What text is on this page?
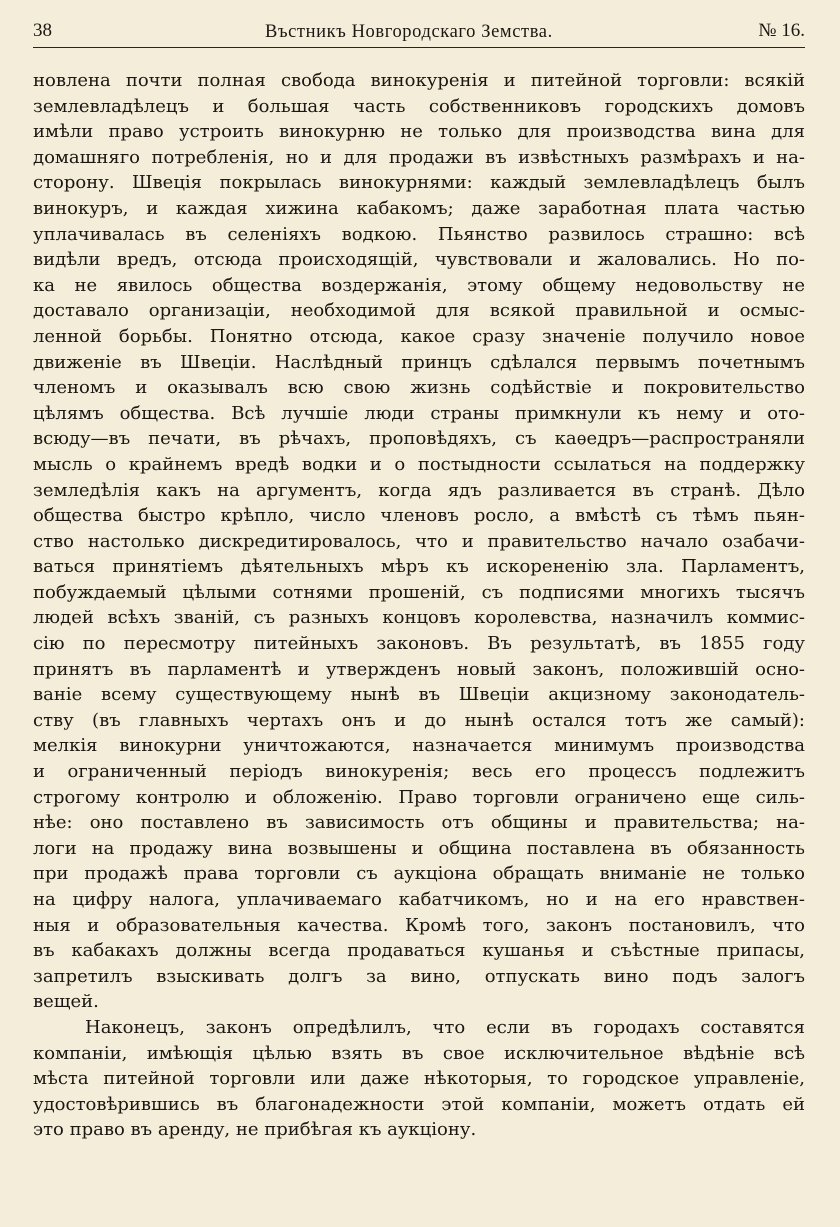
38	Въстникъ Новгородскаго Земства.	№ 16.
новлена почти полная свобода винокуренія и питейной торговли: всякій
землевладѣлецъ и большая часть собственниковъ городскихъ домовъ
имѣли право устроить винокурню не только для производства вина для
домашняго потребленія, но и для продажи въ извѣстныхъ размѣрахъ и на-
сторону. Швеція покрылась винокурнями: каждый землевладѣлецъ былъ
винокуръ, и каждая хижина кабакомъ; даже заработная плата частью
уплачивалась въ селеніяхъ водкою. Пьянство развилось страшно: всѣ
видѣли вредъ, отсюда происходящій, чувствовали и жаловались. Но по-
ка не явилось общества воздержанія, этому общему недовольству не
доставало организаціи, необходимой для всякой правильной и осмыс-
ленной борьбы. Понятно отсюда, какое сразу значеніе получило новое
движеніе въ Швеціи. Наслѣдный принцъ сдѣлался первымъ почетнымъ
членомъ и оказывалъ всю свою жизнь содѣйствіе и покровительство
цѣлямъ общества. Всѣ лучшіе люди страны примкнули къ нему и ото-
всюду—въ печати, въ рѣчахъ, проповѣдяхъ, съ каѳедръ—распространяли
мысль о крайнемъ вредѣ водки и о постыдности ссылаться на поддержку
земледѣлія какъ на аргументъ, когда ядъ разливается въ странѣ. Дѣло
общества быстро крѣпло, число членовъ росло, а вмѣстѣ съ тѣмъ пьян-
ство настолько дискредитировалось, что и правительство начало озабачи-
ваться принятіемъ дѣятельныхъ мѣръ къ искорененію зла. Парламентъ,
побуждаемый цѣлыми сотнями прошеній, съ подписями многихъ тысячъ
людей всѣхъ званій, съ разныхъ концовъ королевства, назначилъ коммис-
сію по пересмотру питейныхъ законовъ. Въ результатѣ, въ 1855 году
принятъ въ парламентѣ и утвержденъ новый законъ, положившій осно-
ваніе всему существующему нынѣ въ Швеціи акцизному законодатель-
ству (въ главныхъ чертахъ онъ и до нынѣ остался тотъ же самый):
мелкія винокурни уничтожаются, назначается минимумъ производства
и ограниченный періодъ винокуренія; весь его процессъ подлежитъ
строгому контролю и обложенію. Право торговли ограничено еще силь-
нѣе: оно поставлено въ зависимость отъ общины и правительства; на-
логи на продажу вина возвышены и община поставлена въ обязанность
при продажѣ права торговли съ аукціона обращать вниманіе не только
на цифру налога, уплачиваемаго кабатчикомъ, но и на его нравствен-
ныя и образовательныя качества. Кромѣ того, законъ постановилъ, что
въ кабакахъ должны всегда продаваться кушанья и съѣстные припасы,
запретилъ взыскивать долгъ за вино, отпускать вино подъ залогъ
вещей.
Наконецъ, законъ опредѣлилъ, что если въ городахъ составятся
компаніи, имѣющія цѣлью взять въ свое исключительное вѣдѣніе всѣ
мѣста питейной торговли или даже нѣкоторыя, то городское управленіе,
удостовѣрившись въ благонадежности этой компаніи, можетъ отдать ей
это право въ аренду, не прибѣгая къ аукціону.
